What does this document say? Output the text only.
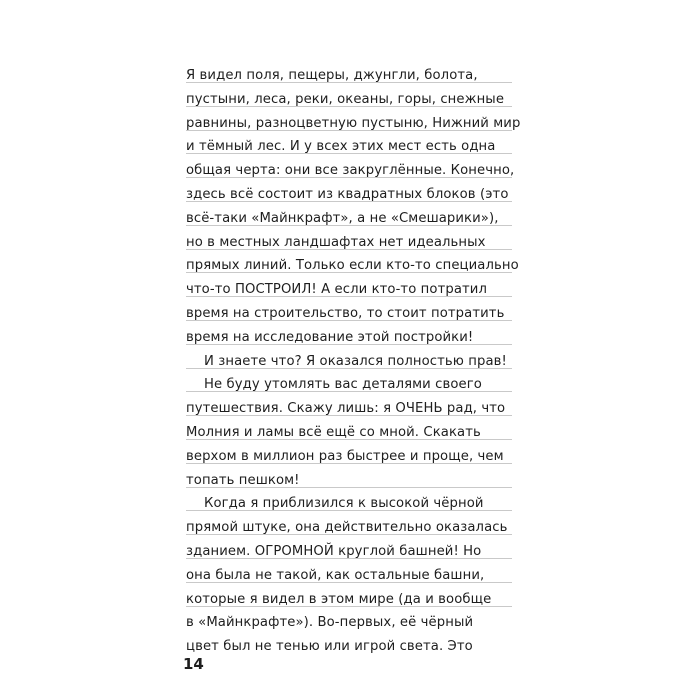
Я видел поля, пещеры, джунгли, болота,
пустыни, леса, реки, океаны, горы, снежные
равнины, разноцветную пустыню, Нижний мир
и тёмный лес. И у всех этих мест есть одна
общая черта: они все закруглённые. Конечно,
здесь всё состоит из квадратных блоков (это
всё-таки «Майнкрафт», а не «Смешарики»),
но в местных ландшафтах нет идеальных
прямых линий. Только если кто-то специально
что-то ПОСТРОИЛ! А если кто-то потратил
время на строительство, то стоит потратить
время на исследование этой постройки!
И знаете что? Я оказался полностью прав!
Не буду утомлять вас деталями своего
путешествия. Скажу лишь: я ОЧЕНЬ рад, что
Молния и ламы всё ещё со мной. Скакать
верхом в миллион раз быстрее и проще, чем
топать пешком!
Когда я приблизился к высокой чёрной
прямой штуке, она действительно оказалась
зданием. ОГРОМНОЙ круглой башней! Но
она была не такой, как остальные башни,
которые я видел в этом мире (да и вообще
в «Майнкрафте»). Во-первых, её чёрный
цвет был не тенью или игрой света. Это
14
